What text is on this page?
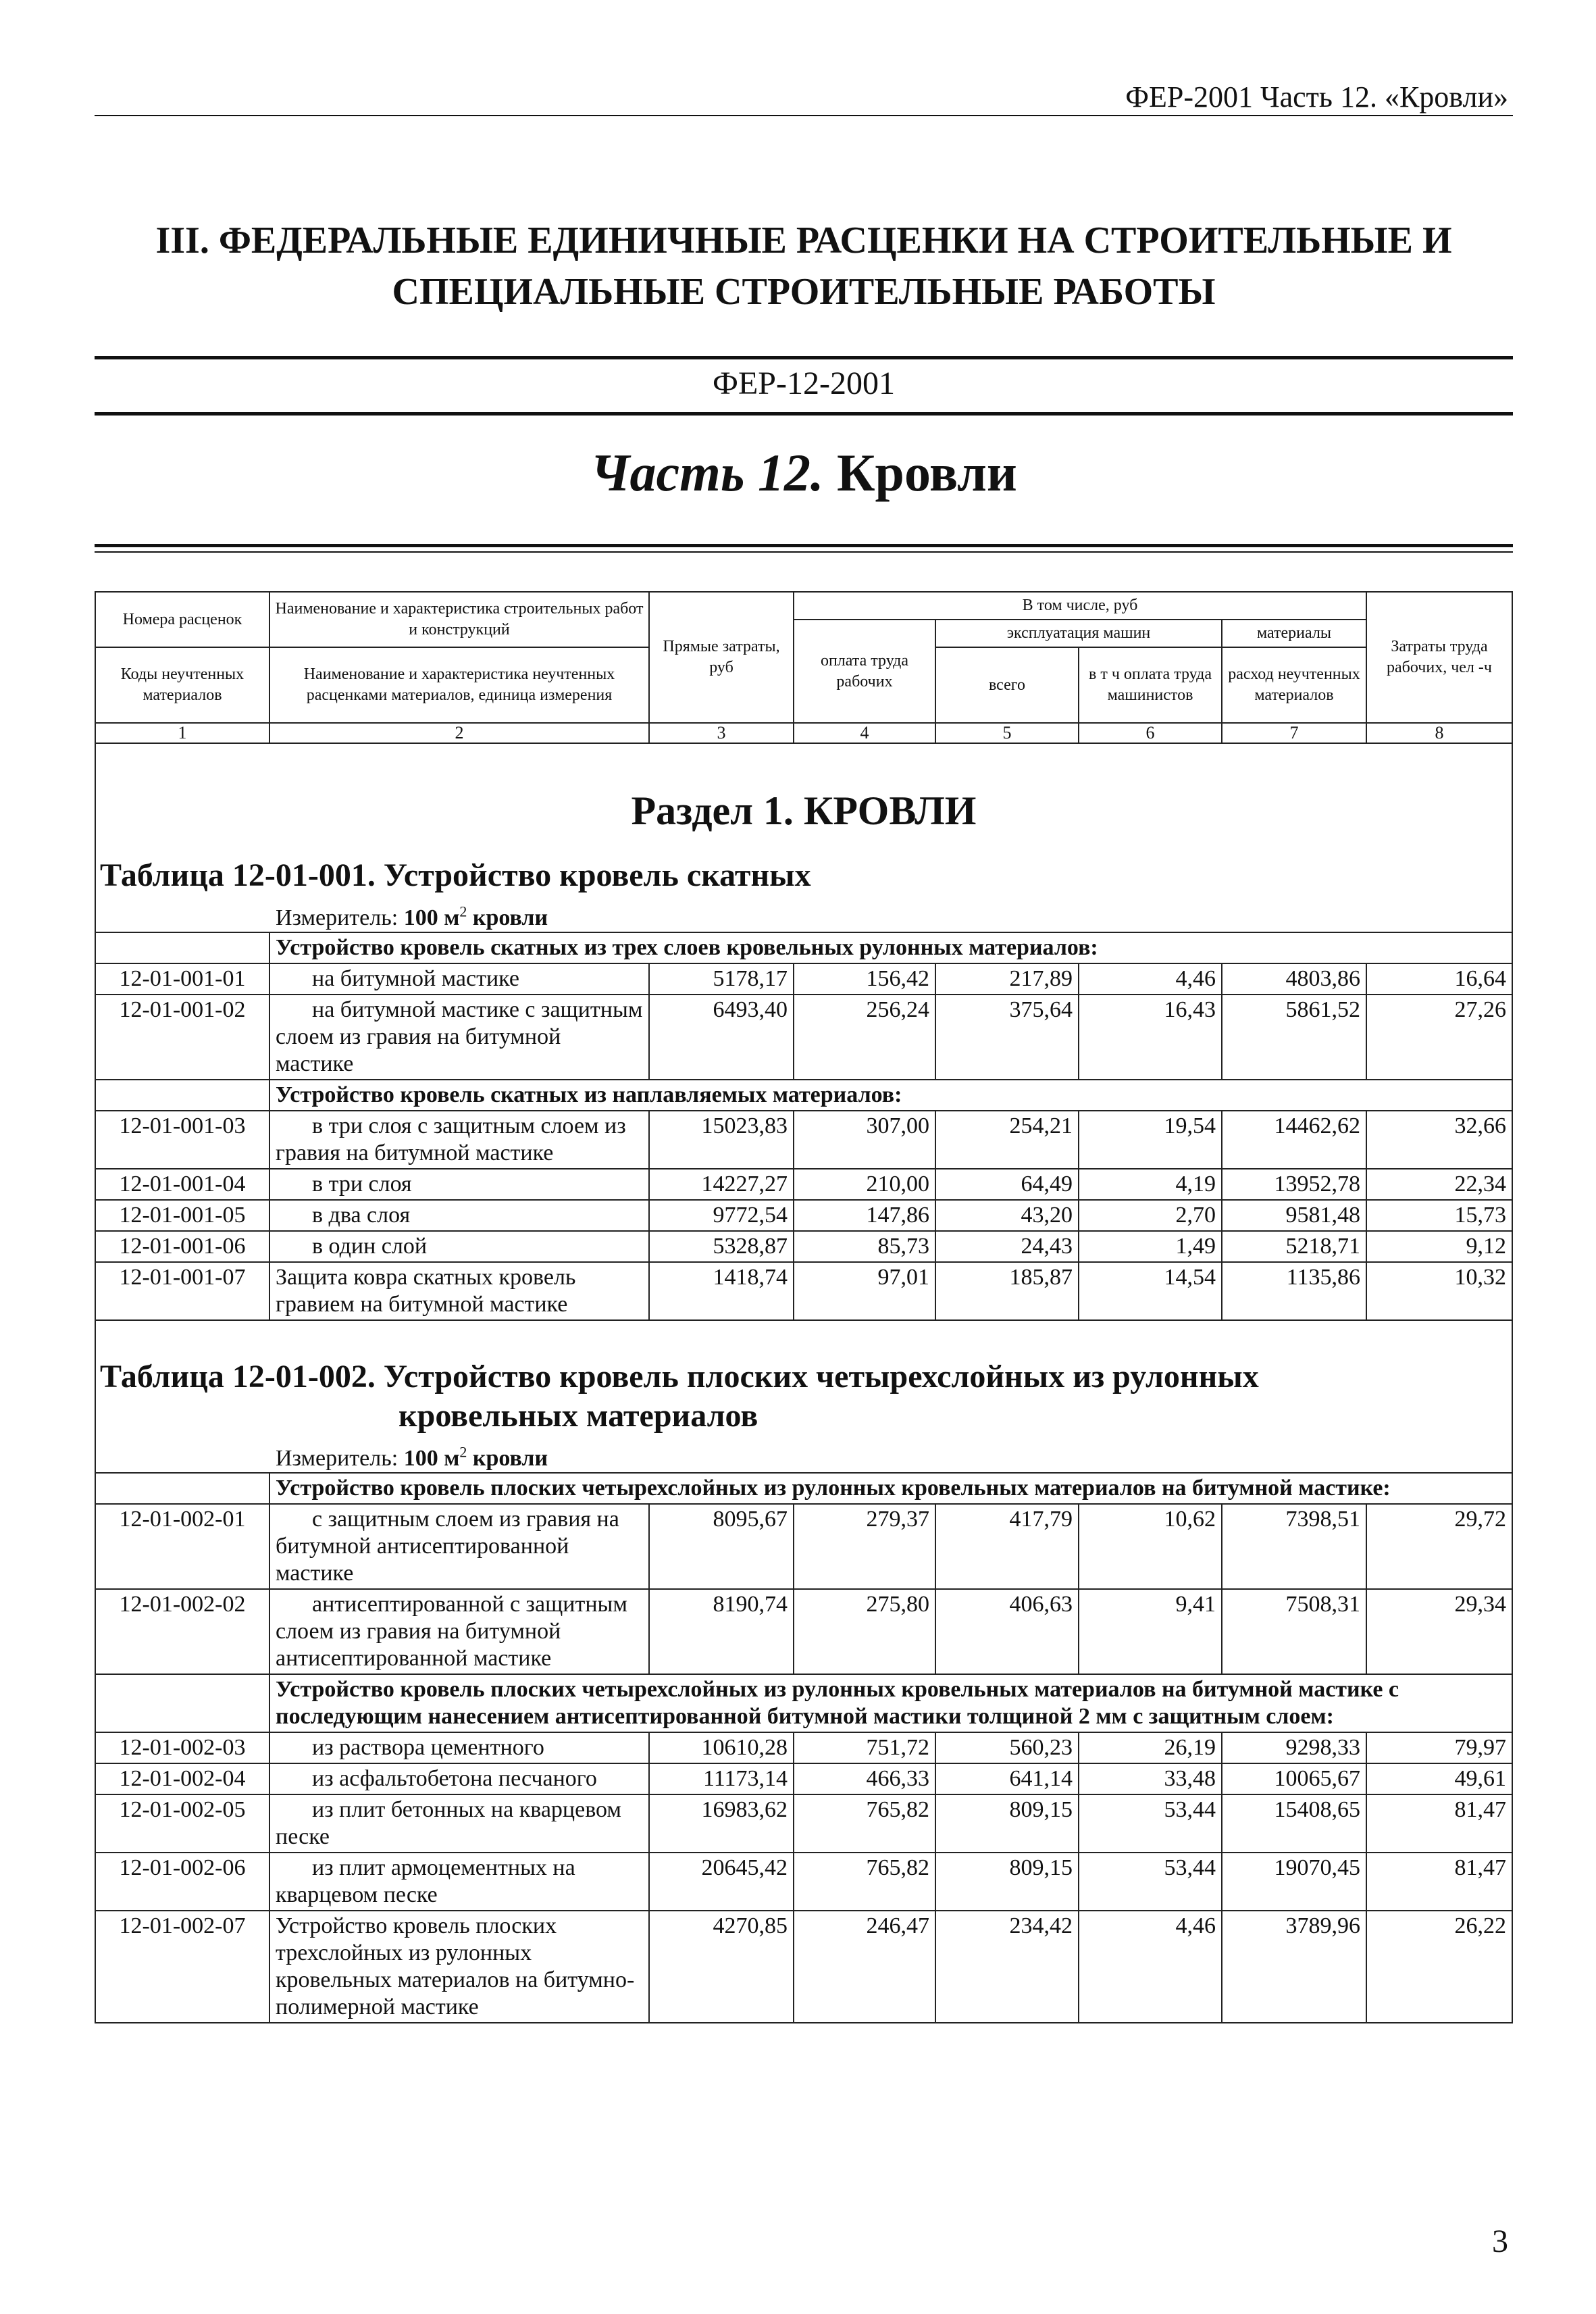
ФЕР-2001 Часть 12. «Кровли»
III. ФЕДЕРАЛЬНЫЕ ЕДИНИЧНЫЕ РАСЦЕНКИ НА СТРОИТЕЛЬНЫЕ И
СПЕЦИАЛЬНЫЕ СТРОИТЕЛЬНЫЕ РАБОТЫ
ФЕР-12-2001
Часть 12. Кровли
Номера расценок	Наименование и характеристика строительных работ и конструкций	Прямые затраты, руб	В том числе, руб				Затраты труда рабочих, чел -ч
			оплата труда рабочих	эксплуатация машин		материалы	
Коды неучтенных материалов	Наименование и характеристика неучтенных расценками материалов, единица измерения			всего	в т ч оплата труда машинистов	расход неучтенных материалов	

1	2	3	4	5	6	7	8

Раздел 1. КРОВЛИ
Таблица 12-01-001. Устройство кровель скатных
Измеритель: 100 $м^2$ кровли							

	Устройство кровель скатных из трех слоев кровельных рулонных материалов:						
12-01-001-01	на битумной мастике	5178,17	156,42	217,89	4,46	4803,86	16,64
12-01-001-02	на битумной мастике с защитным слоем из гравия на битумной мастике	6493,40	256,24	375,64	16,43	5861,52	27,26
	Устройство кровель скатных из наплавляемых материалов:						
12-01-001-03	в три слоя с защитным слоем из гравия на битумной мастике	15023,83	307,00	254,21	19,54	14462,62	32,66
12-01-001-04	в три слоя	14227,27	210,00	64,49	4,19	13952,78	22,34
12-01-001-05	в два слоя	9772,54	147,86	43,20	2,70	9581,48	15,73
12-01-001-06	в один слой	5328,87	85,73	24,43	1,49	5218,71	9,12
12-01-001-07	Защита ковра скатных кровель гравием на битумной мастике	1418,74	97,01	185,87	14,54	1135,86	10,32

Таблица 12-01-002. Устройство кровель плоских четырехслойных из рулонных
кровельных материалов
Измеритель: 100 $м^2$ кровли							

	Устройство кровель плоских четырехслойных из рулонных кровельных материалов на битумной мастике:						
12-01-002-01	с защитным слоем из гравия на битумной антисептированной мастике	8095,67	279,37	417,79	10,62	7398,51	29,72
12-01-002-02	антисептированной с защитным слоем из гравия на битумной антисептированной мастике	8190,74	275,80	406,63	9,41	7508,31	29,34
	Устройство кровель плоских четырехслойных из рулонных кровельных материалов на битумной мастике с последующим нанесением антисептированной битумной мастики толщиной 2 мм с защитным слоем:						
12-01-002-03	из раствора цементного	10610,28	751,72	560,23	26,19	9298,33	79,97
12-01-002-04	из асфальтобетона песчаного	11173,14	466,33	641,14	33,48	10065,67	49,61
12-01-002-05	из плит бетонных на кварцевом песке	16983,62	765,82	809,15	53,44	15408,65	81,47
12-01-002-06	из плит армоцементных на кварцевом песке	20645,42	765,82	809,15	53,44	19070,45	81,47
12-01-002-07	Устройство кровель плоских трехслойных из рулонных кровельных материалов на битумно-полимерной мастике	4270,85	246,47	234,42	4,46	3789,96	26,22
3
